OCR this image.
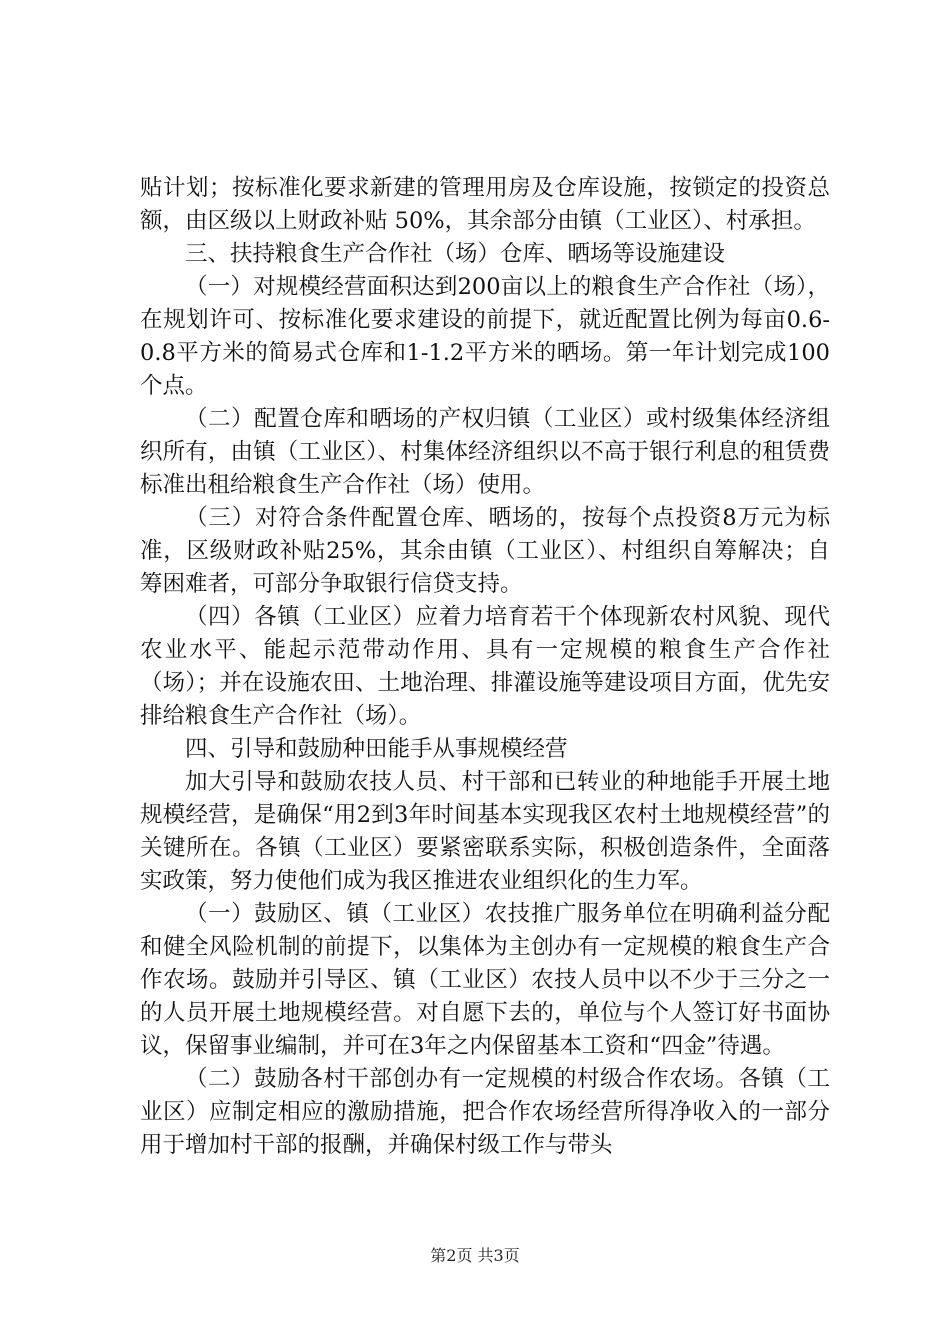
贴计划；按标准化要求新建的管理用房及仓库设施，按锁定的投资总额，由区级以上财政补贴 50%，其余部分由镇（工业区）、村承担。

三、扶持粮食生产合作社（场）仓库、晒场等设施建设

（一）对规模经营面积达到200亩以上的粮食生产合作社（场），在规划许可、按标准化要求建设的前提下，就近配置比例为每亩0.6-0.8平方米的简易式仓库和1-1.2平方米的晒场。第一年计划完成100个点。

（二）配置仓库和晒场的产权归镇（工业区）或村级集体经济组织所有，由镇（工业区）、村集体经济组织以不高于银行利息的租赁费标准出租给粮食生产合作社（场）使用。

（三）对符合条件配置仓库、晒场的，按每个点投资8万元为标准，区级财政补贴25%，其余由镇（工业区）、村组织自筹解决；自筹困难者，可部分争取银行信贷支持。

（四）各镇（工业区）应着力培育若干个体现新农村风貌、现代农业水平、能起示范带动作用、具有一定规模的粮食生产合作社（场）；并在设施农田、土地治理、排灌设施等建设项目方面，优先安排给粮食生产合作社（场）。

四、引导和鼓励种田能手从事规模经营

加大引导和鼓励农技人员、村干部和已转业的种地能手开展土地规模经营，是确保“用2到3年时间基本实现我区农村土地规模经营”的关键所在。各镇（工业区）要紧密联系实际，积极创造条件，全面落实政策，努力使他们成为我区推进农业组织化的生力军。

（一）鼓励区、镇（工业区）农技推广服务单位在明确利益分配和健全风险机制的前提下，以集体为主创办有一定规模的粮食生产合作农场。鼓励并引导区、镇（工业区）农技人员中以不少于三分之一的人员开展土地规模经营。对自愿下去的，单位与个人签订好书面协议，保留事业编制，并可在3年之内保留基本工资和“四金”待遇。

（二）鼓励各村干部创办有一定规模的村级合作农场。各镇（工业区）应制定相应的激励措施，把合作农场经营所得净收入的一部分用于增加村干部的报酬，并确保村级工作与带头

第2页 共3页
